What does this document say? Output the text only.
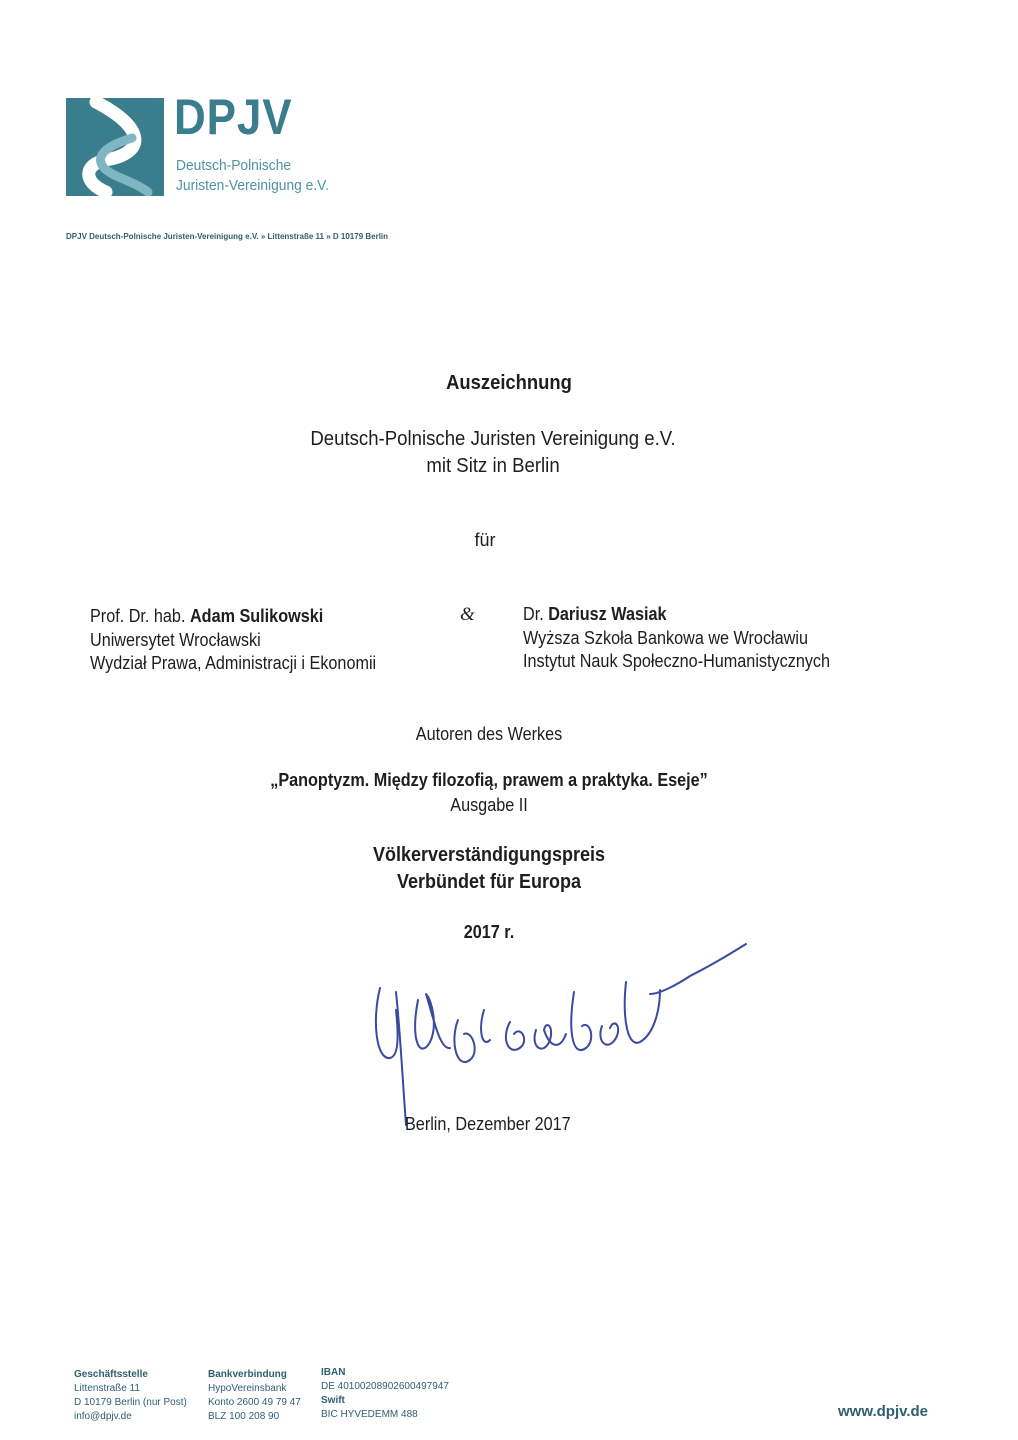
DPJV
Deutsch-Polnische
Juristen-Vereinigung e.V.
DPJV Deutsch-Polnische Juristen-Vereinigung e.V. » Littenstraße 11 » D 10179 Berlin
Auszeichnung
Deutsch-Polnische Juristen Vereinigung e.V.
mit Sitz in Berlin
für
Prof. Dr. hab. Adam Sulikowski
Uniwersytet Wrocławski
Wydział Prawa, Administracji i Ekonomii
&	Dr. Dariusz Wasiak
Wyższa Szkoła Bankowa we Wrocławiu
Instytut Nauk Społeczno-Humanistycznych
Autoren des Werkes
„Panoptyzm. Między filozofią, prawem a praktyka. Eseje”
Ausgabe II
Völkerverständigungspreis
Verbündet für Europa
2017 r.
Berlin, Dezember 2017
Geschäftsstelle
Littenstraße 11
D 10179 Berlin (nur Post)
info@dpjv.de
Bankverbindung
HypoVereinsbank
Konto 2600 49 79 47
BLZ 100 208 90
IBAN
DE 40100208902600497947
Swift
BIC HYVEDEMM 488	www.dpjv.de
